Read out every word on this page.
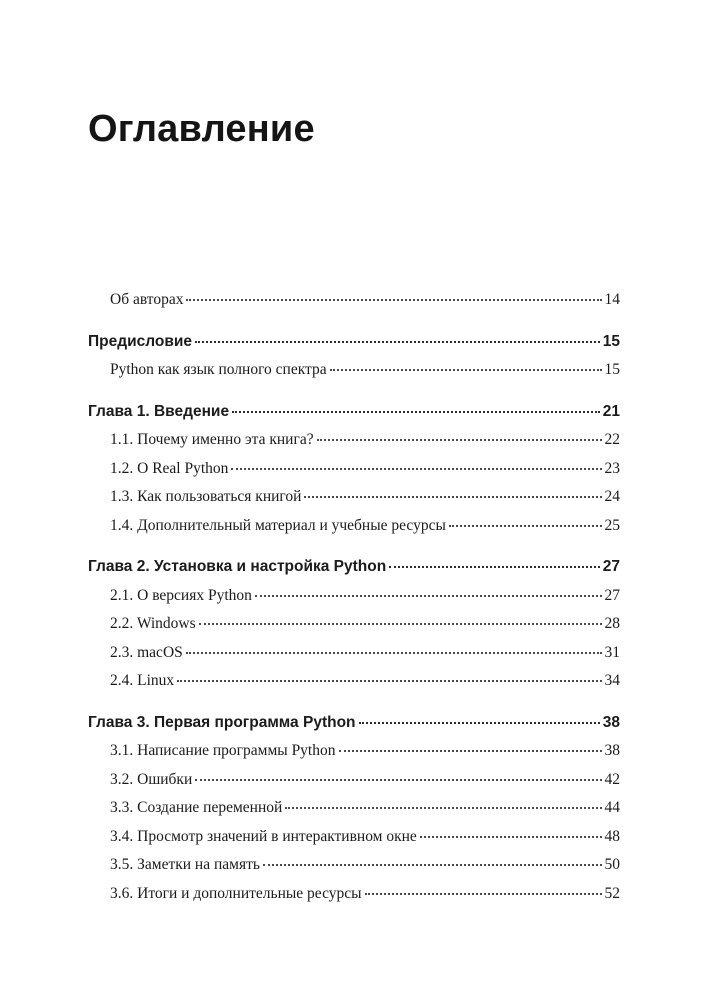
Оглавление
Об авторах	14
Предисловие	15
Python как язык полного спектра	15
Глава 1. Введение	21
1.1. Почему именно эта книга?	22
1.2. О Real Python	23
1.3. Как пользоваться книгой	24
1.4. Дополнительный материал и учебные ресурсы	25
Глава 2. Установка и настройка Python	27
2.1. О версиях Python	27
2.2. Windows	28
2.3. macOS	31
2.4. Linux	34
Глава 3. Первая программа Python	38
3.1. Написание программы Python	38
3.2. Ошибки	42
3.3. Создание переменной	44
3.4. Просмотр значений в интерактивном окне	48
3.5. Заметки на память	50
3.6. Итоги и дополнительные ресурсы	52
